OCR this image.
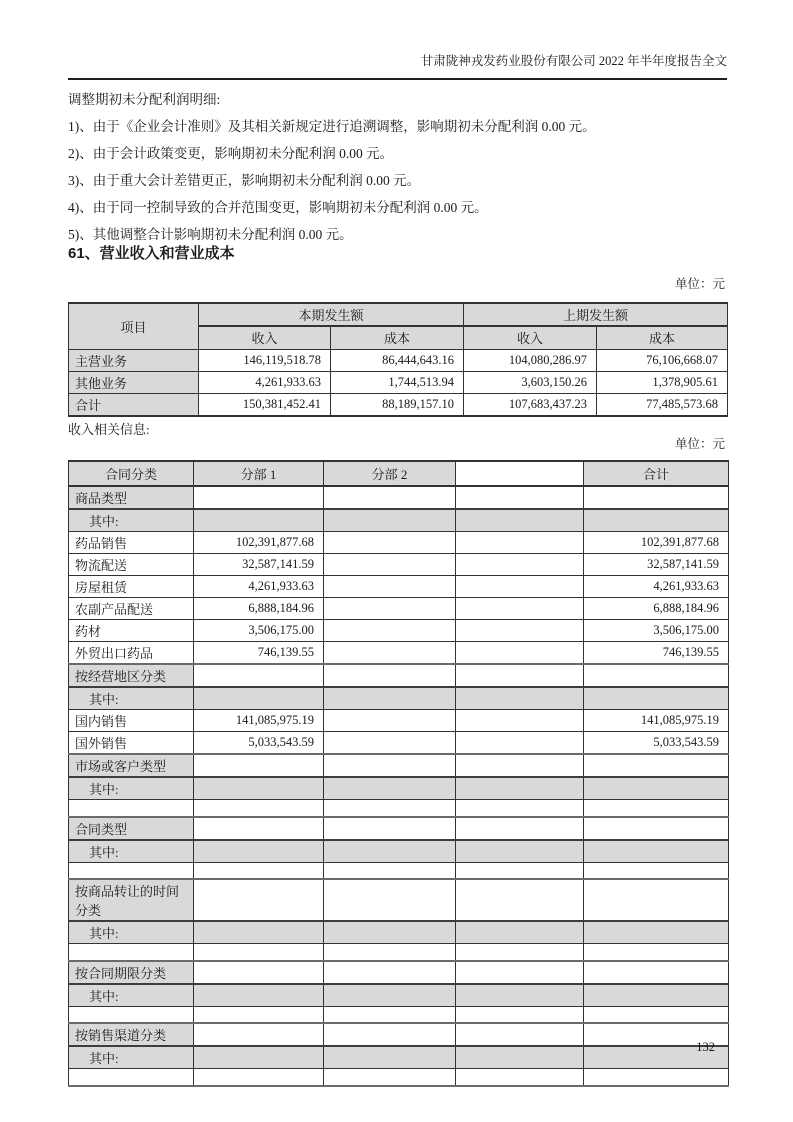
甘肃陇神戎发药业股份有限公司 2022 年半年度报告全文

调整期初未分配利润明细:

1)、由于《企业会计准则》及其相关新规定进行追溯调整，影响期初未分配利润 0.00 元。

2)、由于会计政策变更，影响期初未分配利润 0.00 元。

3)、由于重大会计差错更正，影响期初未分配利润 0.00 元。

4)、由于同一控制导致的合并范围变更，影响期初未分配利润 0.00 元。

5)、其他调整合计影响期初未分配利润 0.00 元。

61、营业收入和营业成本
单位：元
项目	本期发生额		上期发生额	
	收入	成本	收入	成本
主营业务	146,119,518.78	86,444,643.16	104,080,286.97	76,106,668.07
其他业务	4,261,933.63	1,744,513.94	3,603,150.26	1,378,905.61
合计	150,381,452.41	88,189,157.10	107,683,437.23	77,485,573.68
收入相关信息:
单位：元
合同分类	分部 1	分部 2		合计
商品类型				
其中:				
药品销售	102,391,877.68			102,391,877.68
物流配送	32,587,141.59			32,587,141.59
房屋租赁	4,261,933.63			4,261,933.63
农副产品配送	6,888,184.96			6,888,184.96
药材	3,506,175.00			3,506,175.00
外贸出口药品	746,139.55			746,139.55
按经营地区分类				
其中:				
国内销售	141,085,975.19			141,085,975.19
国外销售	5,033,543.59			5,033,543.59
市场或客户类型				
其中:				

合同类型				
其中:				

按商品转让的时间分类				
其中:				

按合同期限分类				
其中:				

按销售渠道分类				
其中:				

132
